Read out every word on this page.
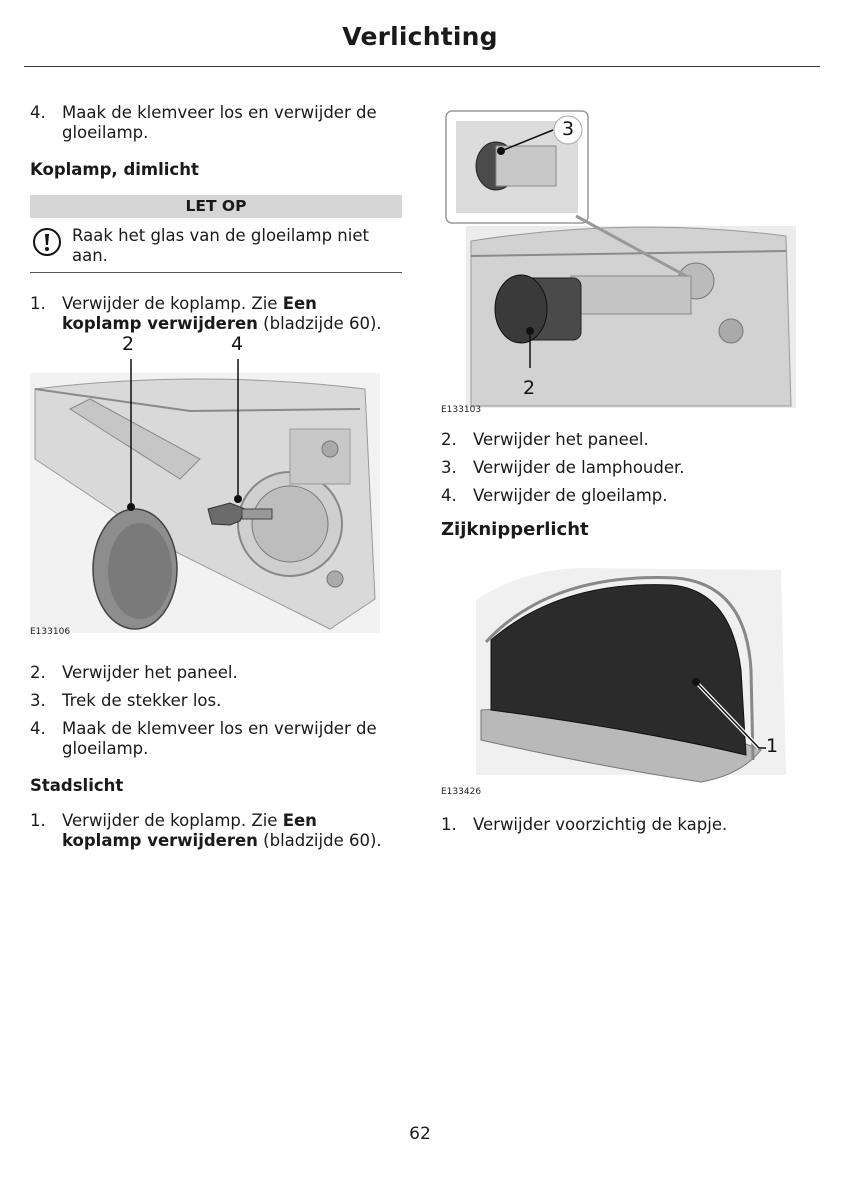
Verlichting
4. Maak de klemveer los en verwijder de gloeilamp.

Koplamp, dimlicht

LET OP
Raak het glas van de gloeilamp niet aan.
1. Verwijder de koplamp. Zie Een koplamp verwijderen (bladzijde 60).
2	4
E133106
2. Verwijder het paneel.
3. Trek de stekker los.
4. Maak de klemveer los en verwijder de gloeilamp.

Stadslicht

1. Verwijder de koplamp. Zie Een koplamp verwijderen (bladzijde 60).
3
2
E133103
2. Verwijder het paneel.
3. Verwijder de lamphouder.
4. Verwijder de gloeilamp.

Zijknipperlicht

1
E133426
1. Verwijder voorzichtig de kapje.
62
